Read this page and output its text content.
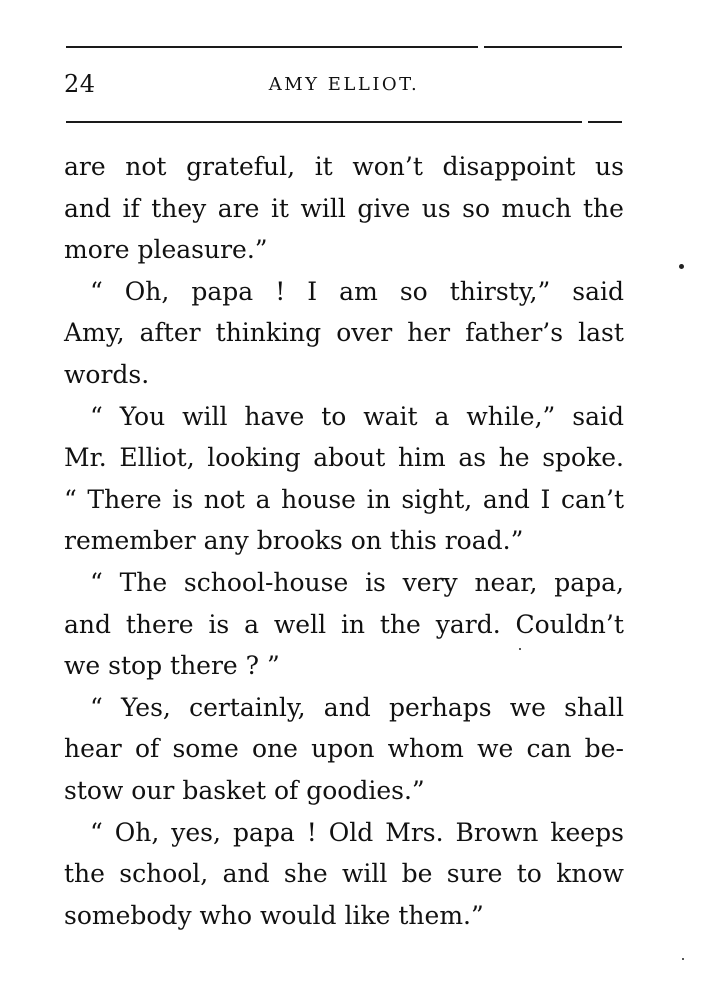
24	AMY ELLIOT.
are not grateful, it won’t disappoint us
and if they are it will give us so much the
more pleasure.”
“ Oh, papa ! I am so thirsty,” said
Amy, after thinking over her father’s last
words.
“ You will have to wait a while,” said
Mr. Elliot, looking about him as he spoke.
“ There is not a house in sight, and I can’t
remember any brooks on this road.”
“ The school-house is very near, papa,
and there is a well in the yard. Couldn’t
we stop there ? ”
“ Yes, certainly, and perhaps we shall
hear of some one upon whom we can be-
stow our basket of goodies.”
“ Oh, yes, papa ! Old Mrs. Brown keeps
the school, and she will be sure to know
somebody who would like them.”
